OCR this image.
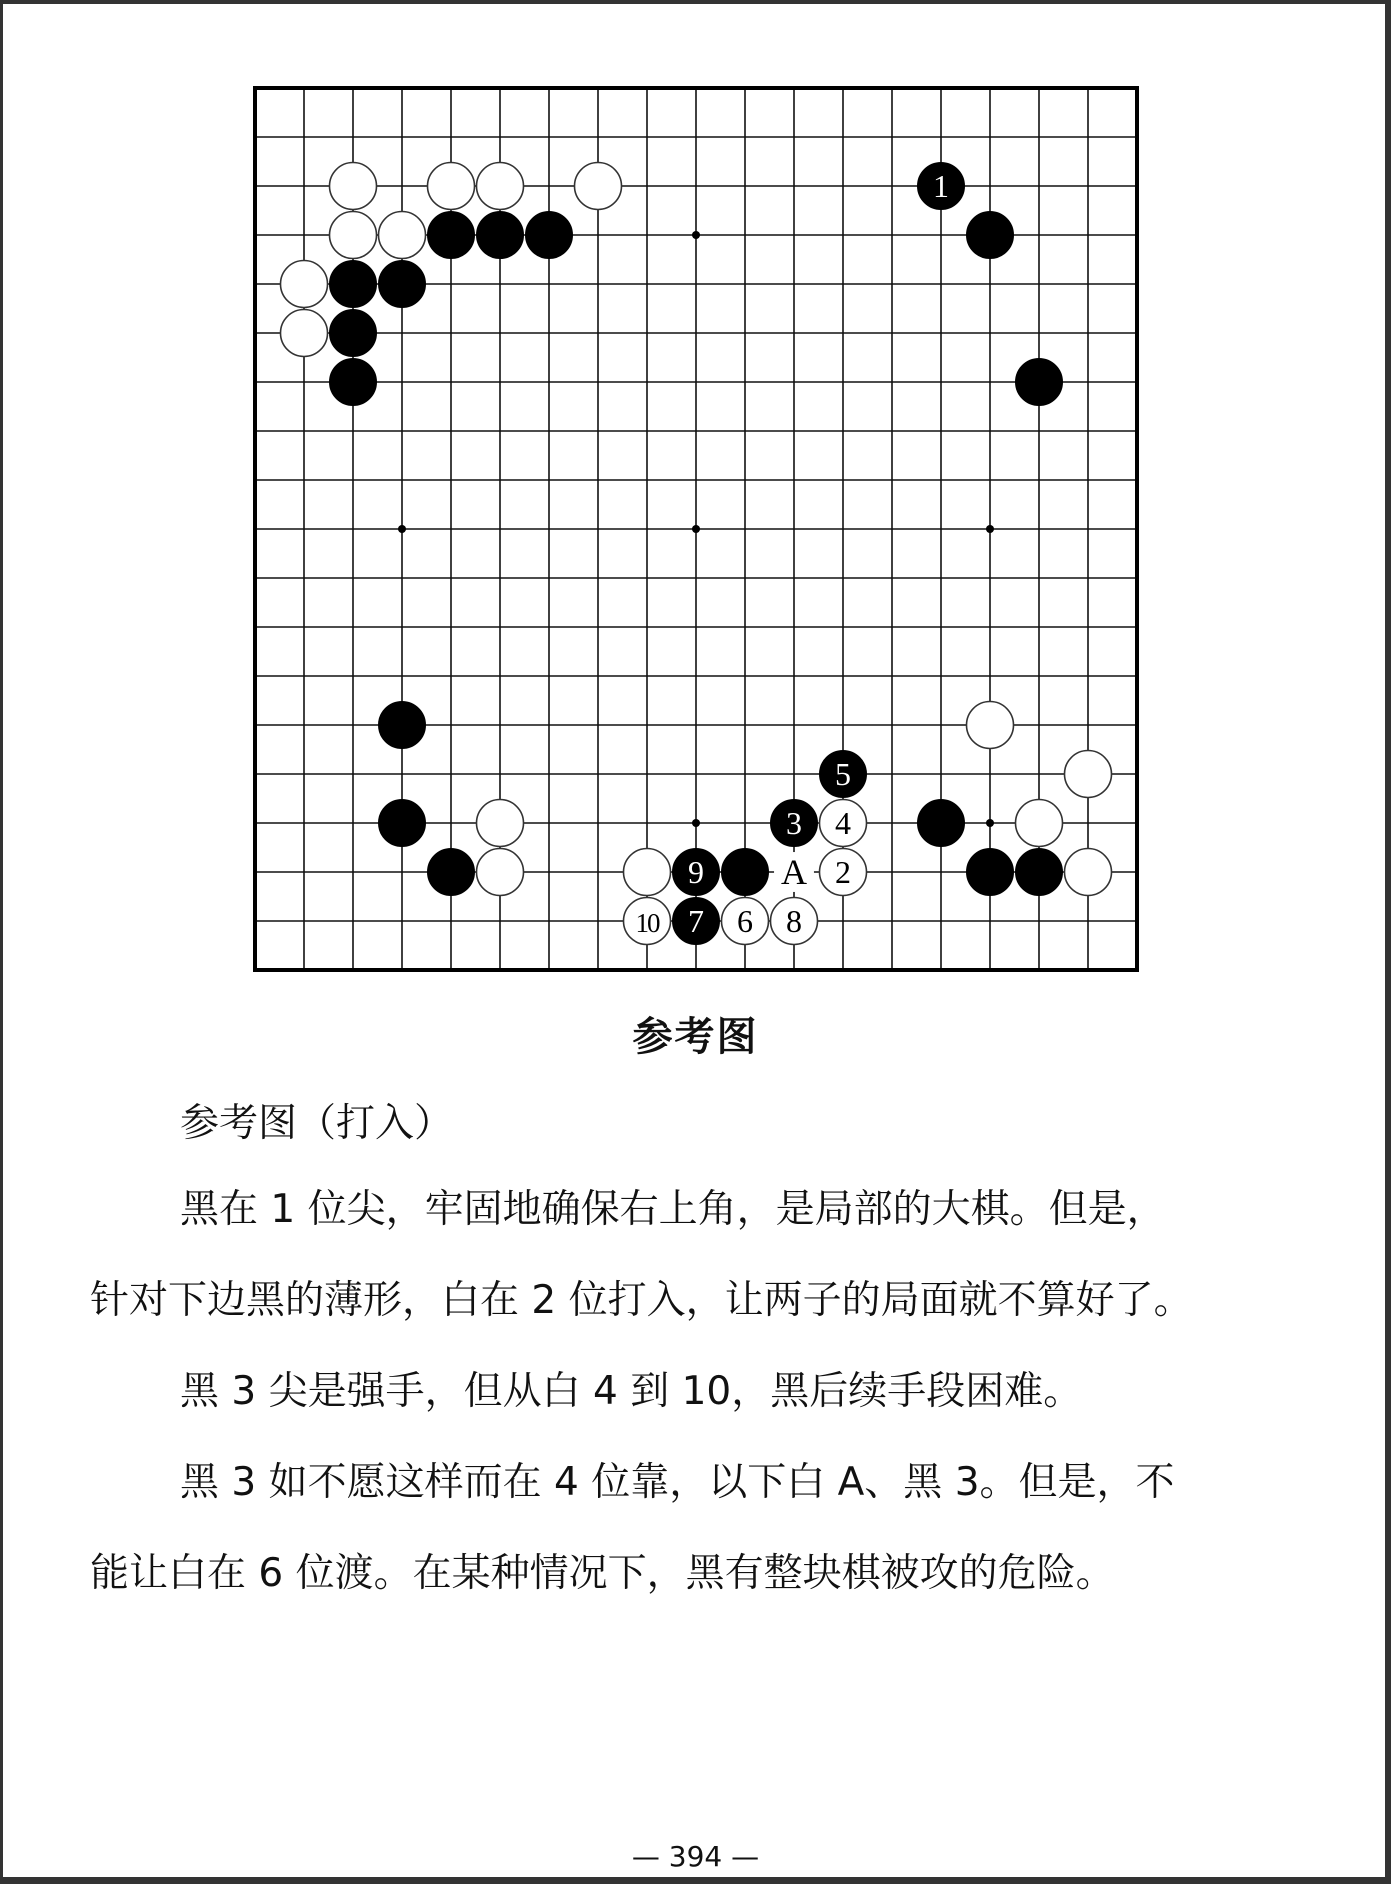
1
9	2
3 4
5
10 7 6 8
A
参考图
参考图（打入）
黑在 1 位尖，牢固地确保右上角，是局部的大棋。但是，
针对下边黑的薄形，白在 2 位打入，让两子的局面就不算好了。
黑 3 尖是强手，但从白 4 到 10，黑后续手段困难。
黑 3 如不愿这样而在 4 位靠，以下白 A、黑 3。但是，不
能让白在 6 位渡。在某种情况下，黑有整块棋被攻的危险。
— 394 —
